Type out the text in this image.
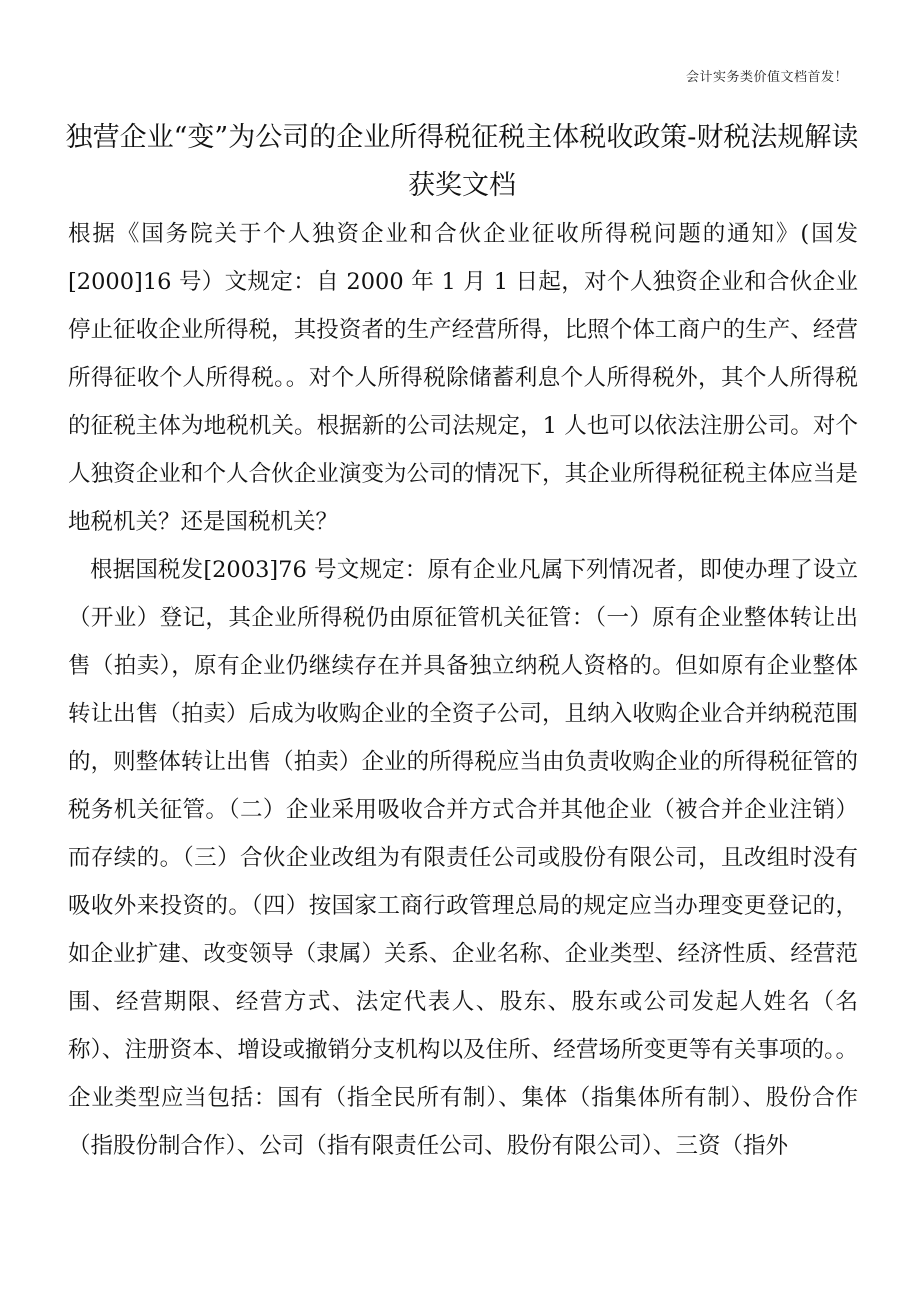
会计实务类价值文档首发！
独营企业“变”为公司的企业所得税征税主体税收政策-财税法规解读获奖文档

根据《国务院关于个人独资企业和合伙企业征收所得税问题的通知》(国发[2000]16 号）文规定：自 2000 年 1 月 1 日起，对个人独资企业和合伙企业停止征收企业所得税，其投资者的生产经营所得，比照个体工商户的生产、经营所得征收个人所得税。。对个人所得税除储蓄利息个人所得税外，其个人所得税的征税主体为地税机关。根据新的公司法规定，1 人也可以依法注册公司。对个人独资企业和个人合伙企业演变为公司的情况下，其企业所得税征税主体应当是地税机关？还是国税机关？

根据国税发[2003]76 号文规定：原有企业凡属下列情况者，即使办理了设立（开业）登记，其企业所得税仍由原征管机关征管：（一）原有企业整体转让出售（拍卖），原有企业仍继续存在并具备独立纳税人资格的。但如原有企业整体转让出售（拍卖）后成为收购企业的全资子公司，且纳入收购企业合并纳税范围的，则整体转让出售（拍卖）企业的所得税应当由负责收购企业的所得税征管的税务机关征管。（二）企业采用吸收合并方式合并其他企业（被合并企业注销）而存续的。（三）合伙企业改组为有限责任公司或股份有限公司，且改组时没有吸收外来投资的。（四）按国家工商行政管理总局的规定应当办理变更登记的，如企业扩建、改变领导（隶属）关系、企业名称、企业类型、经济性质、经营范围、经营期限、经营方式、法定代表人、股东、股东或公司发起人姓名（名称）、注册资本、增设或撤销分支机构以及住所、经营场所变更等有关事项的。。企业类型应当包括：国有（指全民所有制）、集体（指集体所有制）、股份合作（指股份制合作）、公司（指有限责任公司、股份有限公司）、三资（指外
